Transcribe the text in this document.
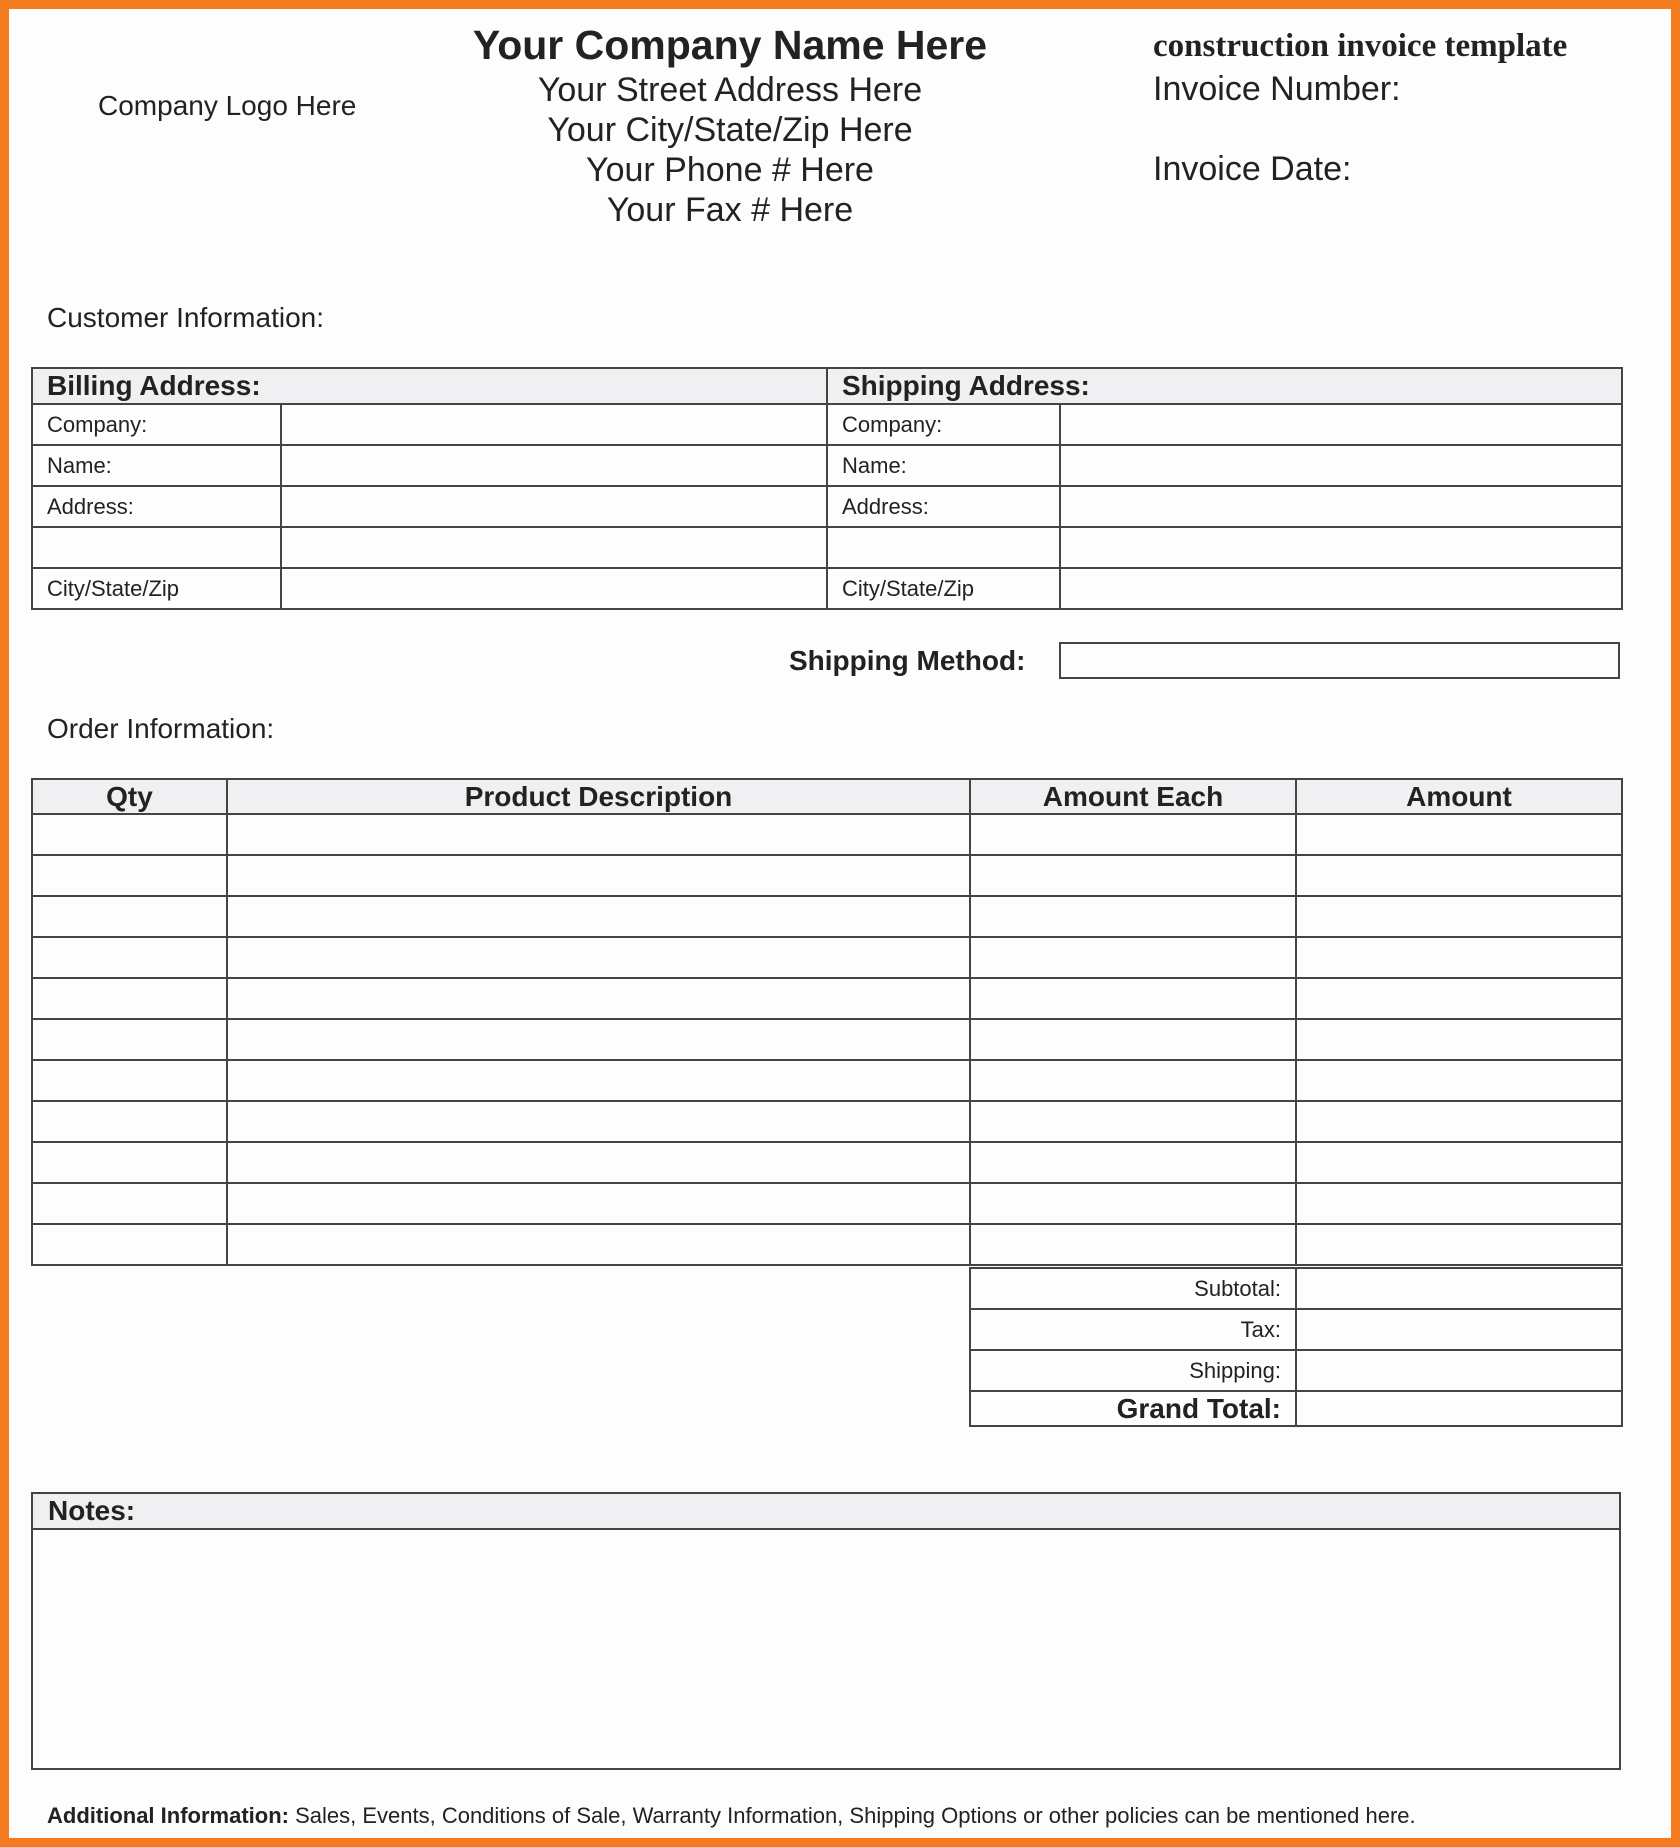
Company Logo Here
Your Company Name Here
Your Street Address Here
Your City/State/Zip Here
Your Phone # Here
Your Fax # Here
construction invoice template
Invoice Number:
Invoice Date:
Customer Information:
Billing Address:		Shipping Address:	
Company:		Company:	
Name:		Name:	
Address:		Address:	

City/State/Zip		City/State/Zip	
Shipping Method:
Order Information:
Qty	Product Description	Amount Each	Amount

Subtotal:	
Tax:	
Shipping:	
Grand Total:	
Notes:
Additional Information: Sales, Events, Conditions of Sale, Warranty Information, Shipping Options or other policies can be mentioned here.
